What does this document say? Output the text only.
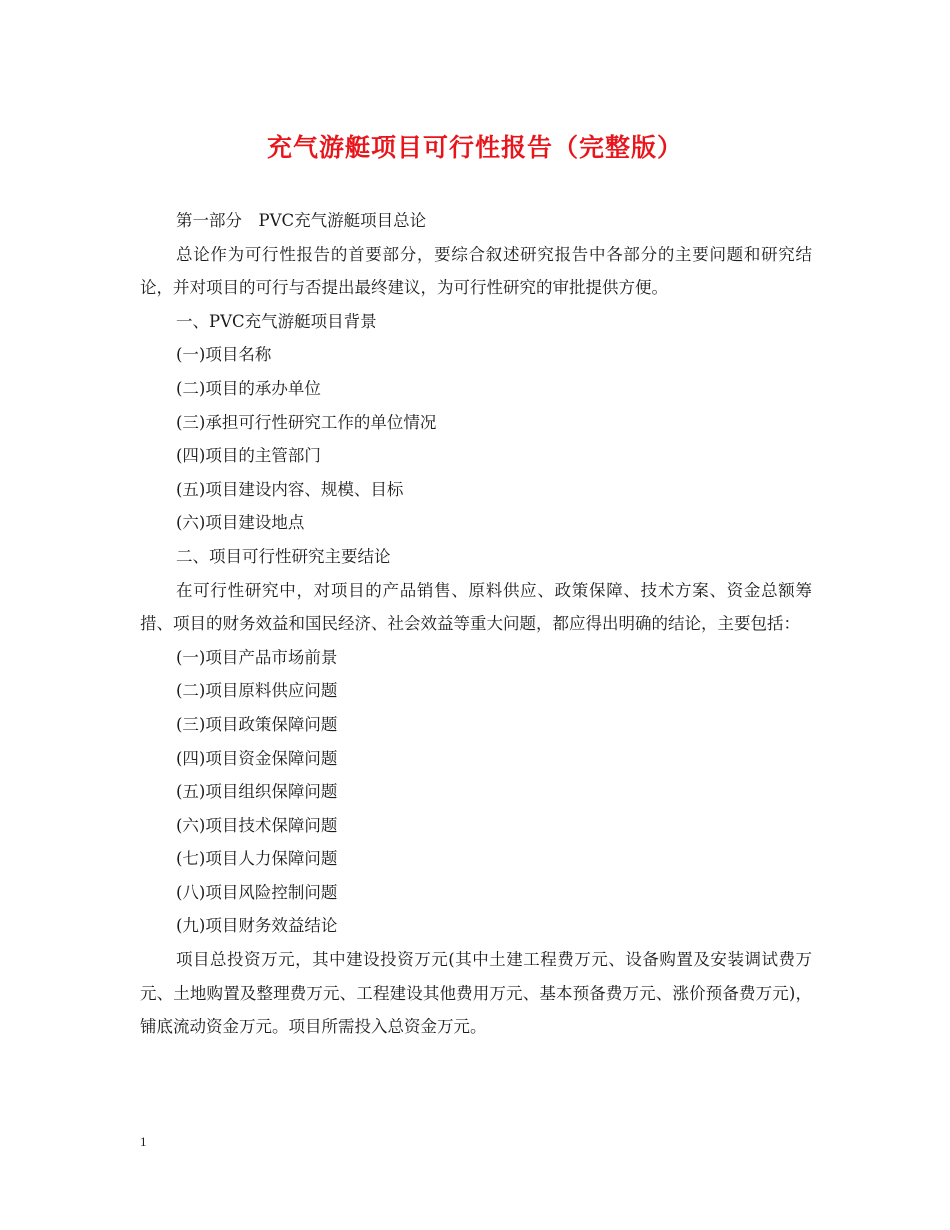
充气游艇项目可行性报告（完整版）

第一部分　PVC充气游艇项目总论

总论作为可行性报告的首要部分，要综合叙述研究报告中各部分的主要问题和研究结论，并对项目的可行与否提出最终建议，为可行性研究的审批提供方便。

一、PVC充气游艇项目背景

(一)项目名称

(二)项目的承办单位

(三)承担可行性研究工作的单位情况

(四)项目的主管部门

(五)项目建设内容、规模、目标

(六)项目建设地点

二、项目可行性研究主要结论

在可行性研究中，对项目的产品销售、原料供应、政策保障、技术方案、资金总额筹措、项目的财务效益和国民经济、社会效益等重大问题，都应得出明确的结论，主要包括：

(一)项目产品市场前景

(二)项目原料供应问题

(三)项目政策保障问题

(四)项目资金保障问题

(五)项目组织保障问题

(六)项目技术保障问题

(七)项目人力保障问题

(八)项目风险控制问题

(九)项目财务效益结论

项目总投资万元，其中建设投资万元(其中土建工程费万元、设备购置及安装调试费万元、土地购置及整理费万元、工程建设其他费用万元、基本预备费万元、涨价预备费万元)，铺底流动资金万元。项目所需投入总资金万元。

1
